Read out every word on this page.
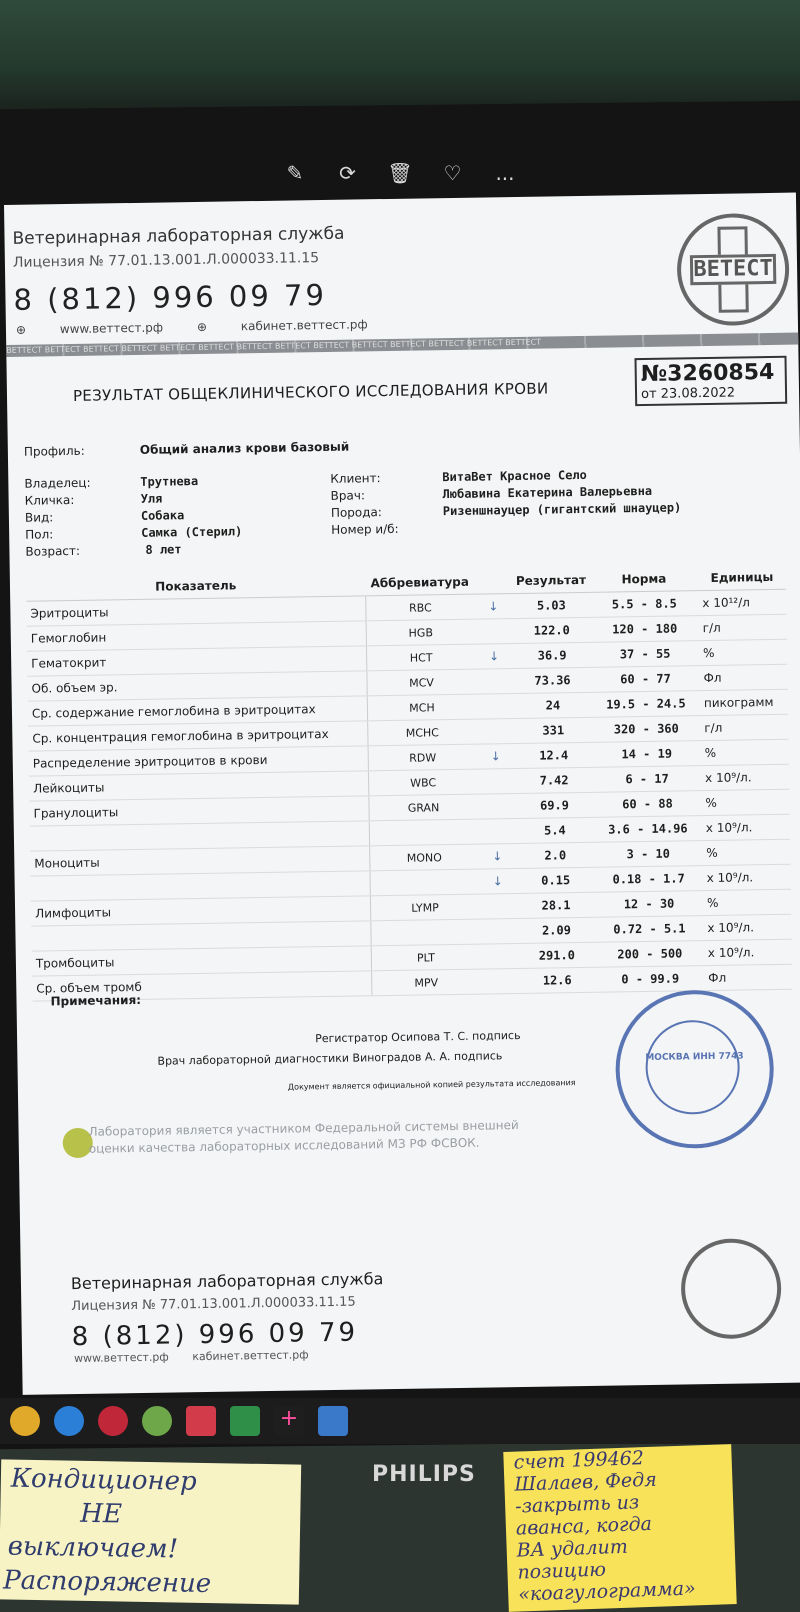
✎	⟳	🗑	♡	...
Ветеринарная лабораторная служба
Лицензия № 77.01.13.001.Л.000033.11.15
8 (812) 996 09 79
⊕	www.веттест.рф	⊕	кабинет.веттест.рф
ВЕТЕСТ
ВЕТТЕСТ ВЕТТЕСТ ВЕТТЕСТ ВЕТТЕСТ ВЕТТЕСТ ВЕТТЕСТ ВЕТТЕСТ ВЕТТЕСТ ВЕТТЕСТ ВЕТТЕСТ ВЕТТЕСТ ВЕТТЕСТ ВЕТТЕСТ ВЕТТЕСТ
РЕЗУЛЬТАТ ОБЩЕКЛИНИЧЕСКОГО ИССЛЕДОВАНИЯ КРОВИ
№3260854
от 23.08.2022
Профиль:	Общий анализ крови базовый
Владелец:	Трутнева
Кличка:	Уля
Вид:	Собака
Пол:	Самка (Стерил)
Возраст:	8 лет
Клиент:	ВитаВет Красное Село
Врач:	Любавина Екатерина Валерьевна
Порода:	Ризеншнауцер (гигантский шнауцер)
Номер и/б:
Показатель	Аббревиатура		Результат	Норма	Единицы
Эритроциты	RBC	↓	5.03	5.5 - 8.5	x 10¹²/л
Гемоглобин	HGB		122.0	120 - 180	г/л
Гематокрит	HCT	↓	36.9	37 - 55	%
Об. объем эр.	MCV		73.36	60 - 77	Фл
Ср. содержание гемоглобина в эритроцитах	MCH		24	19.5 - 24.5	пикограмм
Ср. концентрация гемоглобина в эритроцитах	MCHC		331	320 - 360	г/л
Распределение эритроцитов в крови	RDW	↓	12.4	14 - 19	%
Лейкоциты	WBC		7.42	6 - 17	x 10⁹/л.
Гранулоциты	GRAN		69.9	60 - 88	%
			5.4	3.6 - 14.96	x 10⁹/л.
Моноциты	MONO	↓	2.0	3 - 10	%
		↓	0.15	0.18 - 1.7	x 10⁹/л.
Лимфоциты	LYMP		28.1	12 - 30	%
			2.09	0.72 - 5.1	x 10⁹/л.
Тромбоциты	PLT		291.0	200 - 500	x 10⁹/л.
Ср. объем тромб	MPV		12.6	0 - 99.9	Фл
Примечания:
Регистратор Осипова Т. С. подпись
Врач лабораторной диагностики Виноградов А. А. подпись
Документ является официальной копией результата исследования
МОСКВА ИНН 7743
Лаборатория является участником Федеральной системы внешней
оценки качества лабораторных исследований МЗ РФ ФСВОК.
Ветеринарная лабораторная служба
Лицензия № 77.01.13.001.Л.000033.11.15
8 (812) 996 09 79
www.веттест.рф кабинет.веттест.рф
+
PHILIPS
Кондиционер
НЕ
выключаем!
Распоряжение
счет 199462
Шалаев, Федя
-закрыть из
аванса, когда
ВА удалит
позицию
«коагулограмма»
